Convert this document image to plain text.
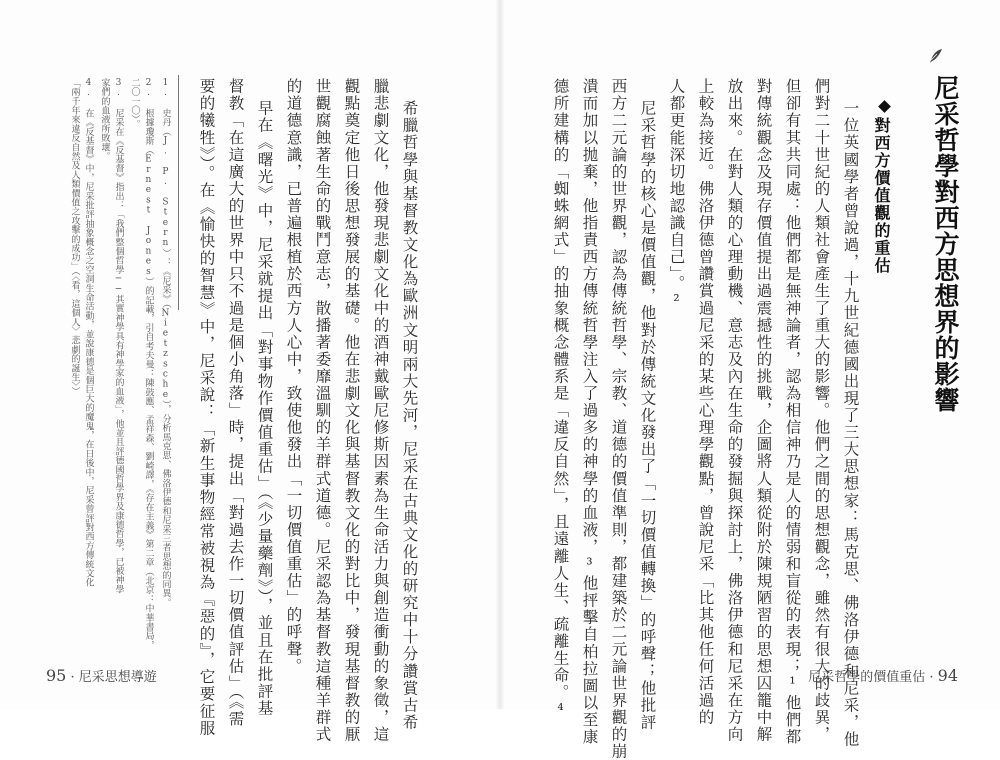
尼采哲學對西方思想界的影響
對西方價值觀的重估
一位英國學者曾說過，十九世紀德國出現了三大思想家：馬克思、佛洛伊德和尼采，他
們對二十世紀的人類社會產生了重大的影響。他們之間的思想觀念，雖然有很大的歧異，
但卻有其共同處：他們都是無神論者，認為相信神乃是人的情弱和盲從的表現；¹他們都
對傳統觀念及現存價值提出過震撼性的挑戰，企圖將人類從附於陳規陋習的思想囚籠中解
放出來。在對人類的心理動機、意志及內在生命的發掘與探討上，佛洛伊德和尼采在方向
上較為接近。佛洛伊德曾讚賞過尼采的某些心理學觀點，曾說尼采「比其他任何活過的
人都更能深切地認識自己」。²
尼采哲學的核心是價值觀，他對於傳統文化發出了「一切價值轉換」的呼聲；他批評
西方二元論的世界觀，認為傳統哲學、宗教、道德的價值準則，都建築於二元論世界觀的崩
潰而加以拋棄，他指責西方傳統哲學注入了過多的神學的血液，³他抨擊自柏拉圖以至康
德所建構的「蜘蛛網式」的抽象概念體系是「違反自然」，且遠離人生、疏離生命。⁴
希臘哲學與基督教文化為歐洲文明兩大先河，尼采在古典文化的研究中十分讚賞古希
臘悲劇文化，他發現悲劇文化中的酒神戴歐尼修斯因素為生命活力與創造衝動的象徵，這
觀點奠定他日後思想發展的基礎。他在悲劇文化與基督教文化的對比中，發現基督教的厭
世觀腐蝕著生命的戰鬥意志，散播著委靡溫馴的羊群式道德。尼采認為基督教這種羊群式
的道德意識，已普遍根植於西方人心中，致使他發出「一切價值重估」的呼聲。
早在《曙光》中，尼采就提出「對事物作價值重估」（《少量藥劑》），並且在批評基
督教「在這廣大的世界中只不過是個小角落」時，提出「對過去作一切價值評估」（《需
要的犧牲》）。在《愉快的智慧》中，尼采說：「新生事物經常被視為『惡的』，它要征服
1. 史丹（J. P. Stern）：《尼采》（Nietzsche），分析馬克思、佛洛伊德和尼采三者思想的同異。
2. 根據瓊斯（Ernest Jones）的記載，引自考夫曼：陳鼓應、孟祥森、劉崎譯，《存在主義》第二章（北京：中華書局，
二〇一〇）。
3. 尼采在《反基督》指出：「我們整個哲學──其實神學具有神學家的血液」，他並且評德國哲學界及康德哲學，已被神學
家們的血液所敗壞。
4. 在《反基督》中，尼采批評抽象概念之空洞生命活動，並說康德是個巨大的魔鬼，在日後中，尼采曾評對西方傳統文化
「兩千年來違反自然及人類價值之攻擊的成功」（〈看，這個人〉悲劇的誕生〉）
95 · 尼采思想導遊	尼采哲學的價值重估 · 94
